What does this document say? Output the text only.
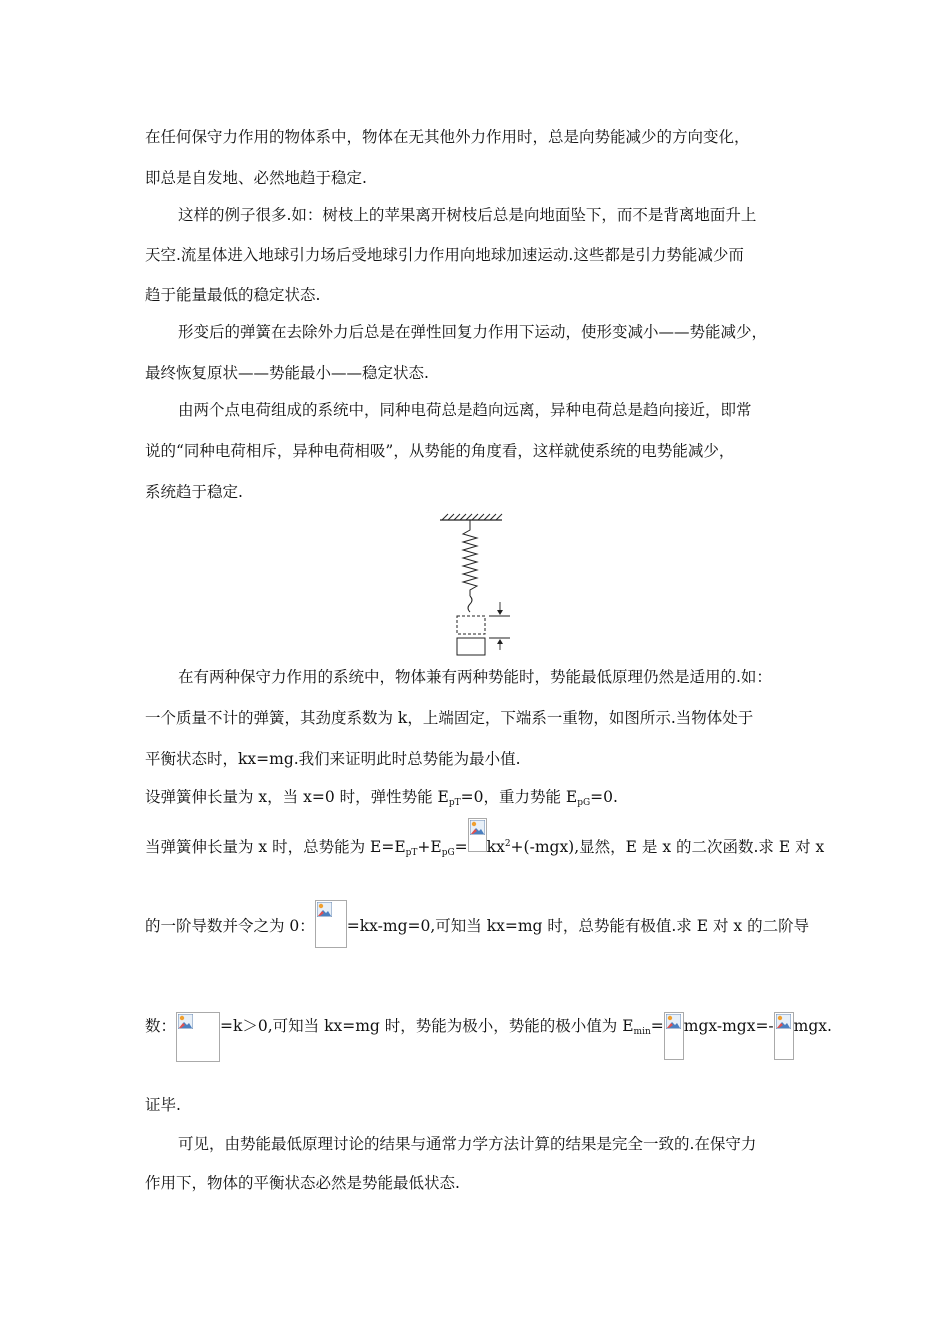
在任何保守力作用的物体系中，物体在无其他外力作用时，总是向势能减少的方向变化，
即总是自发地、必然地趋于稳定.
这样的例子很多.如：树枝上的苹果离开树枝后总是向地面坠下，而不是背离地面升上
天空.流星体进入地球引力场后受地球引力作用向地球加速运动.这些都是引力势能减少而
趋于能量最低的稳定状态.
形变后的弹簧在去除外力后总是在弹性回复力作用下运动，使形变减小——势能减少，
最终恢复原状——势能最小——稳定状态.
由两个点电荷组成的系统中，同种电荷总是趋向远离，异种电荷总是趋向接近，即常
说的“同种电荷相斥，异种电荷相吸”，从势能的角度看，这样就使系统的电势能减少，
系统趋于稳定.
在有两种保守力作用的系统中，物体兼有两种势能时，势能最低原理仍然是适用的.如：
一个质量不计的弹簧，其劲度系数为 k，上端固定，下端系一重物，如图所示.当物体处于
平衡状态时，kx=mg.我们来证明此时总势能为最小值.
设弹簧伸长量为 x，当 x=0 时，弹性势能 $E_{pT}=0$，重力势能 $E_{pG}=0$.
当弹簧伸长量为 x 时，总势能为 $E=E_{pT}+E_{pG}= kx^2+(-mgx)$,显然，E 是 x 的二次函数.求 E 对 x
的一阶导数并令之为 0： =kx-mg=0,可知当 kx=mg 时，总势能有极值.求 E 对 x 的二阶导
数：	=k＞0,可知当 kx=mg 时，势能为极小，势能的极小值为 $E_{min}= mgx-mgx=-$ mgx.
证毕.
可见，由势能最低原理讨论的结果与通常力学方法计算的结果是完全一致的.在保守力
作用下，物体的平衡状态必然是势能最低状态.
